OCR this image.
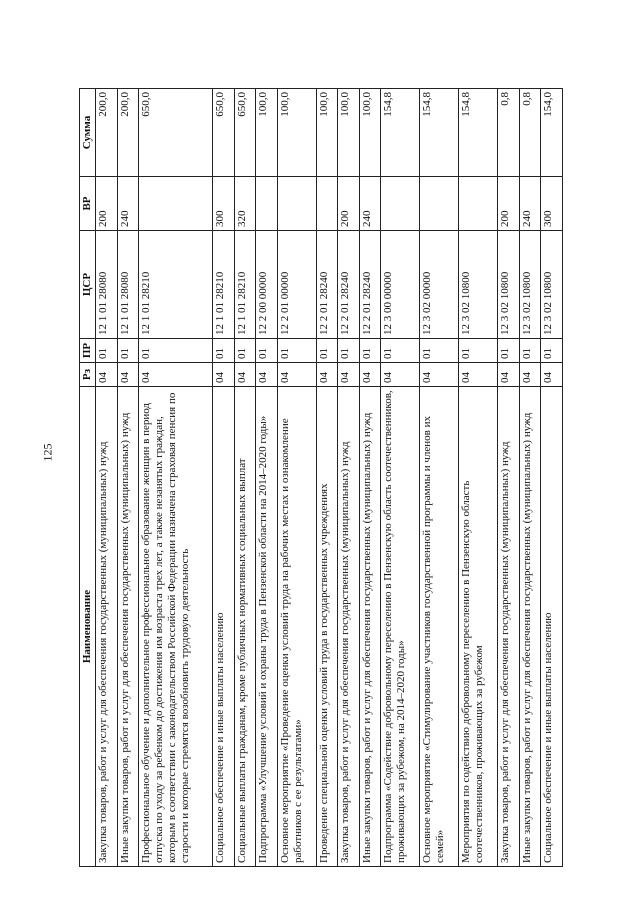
125
Наименование	Рз	ПР	ЦСР	ВР	Сумма
Закупка товаров, работ и услуг для обеспечения государственных (муниципальных) нужд	04	01	12 1 01 28080	200	200,0
Иные закупки товаров, работ и услуг для обеспечения государственных (муниципальных) нужд	04	01	12 1 01 28080	240	200,0
Профессиональное обучение и дополнительное профессиональное образование женщин в период отпуска по уходу за ребенком до достижения им возраста трех лет, а также незанятых граждан, которым в соответствии с законодательством Российской Федерации назначена страховая пенсия по старости и которые стремятся возобновить трудовую деятельность	04	01	12 1 01 28210		650,0
Социальное обеспечение и иные выплаты населению	04	01	12 1 01 28210	300	650,0
Социальные выплаты гражданам, кроме публичных нормативных социальных выплат	04	01	12 1 01 28210	320	650,0
Подпрограмма «Улучшение условий и охраны труда в Пензенской области на 2014–2020 годы»	04	01	12 2 00 00000		100,0
Основное мероприятие «Проведение оценки условий труда на рабочих местах и ознакомление работников с ее результатами»	04	01	12 2 01 00000		100,0
Проведение специальной оценки условий труда в государственных учреждениях	04	01	12 2 01 28240		100,0
Закупка товаров, работ и услуг для обеспечения государственных (муниципальных) нужд	04	01	12 2 01 28240	200	100,0
Иные закупки товаров, работ и услуг для обеспечения государственных (муниципальных) нужд	04	01	12 2 01 28240	240	100,0
Подпрограмма «Содействие добровольному переселению в Пензенскую область соотечественников, проживающих за рубежом, на 2014–2020 годы»	04	01	12 3 00 00000		154,8
Основное мероприятие «Стимулирование участников государственной программы и членов их семей»	04	01	12 3 02 00000		154,8
Мероприятия по содействию добровольному переселению в Пензенскую область соотечественников, проживающих за рубежом	04	01	12 3 02 10800		154,8
Закупка товаров, работ и услуг для обеспечения государственных (муниципальных) нужд	04	01	12 3 02 10800	200	0,8
Иные закупки товаров, работ и услуг для обеспечения государственных (муниципальных) нужд	04	01	12 3 02 10800	240	0,8
Социальное обеспечение и иные выплаты населению	04	01	12 3 02 10800	300	154,0
